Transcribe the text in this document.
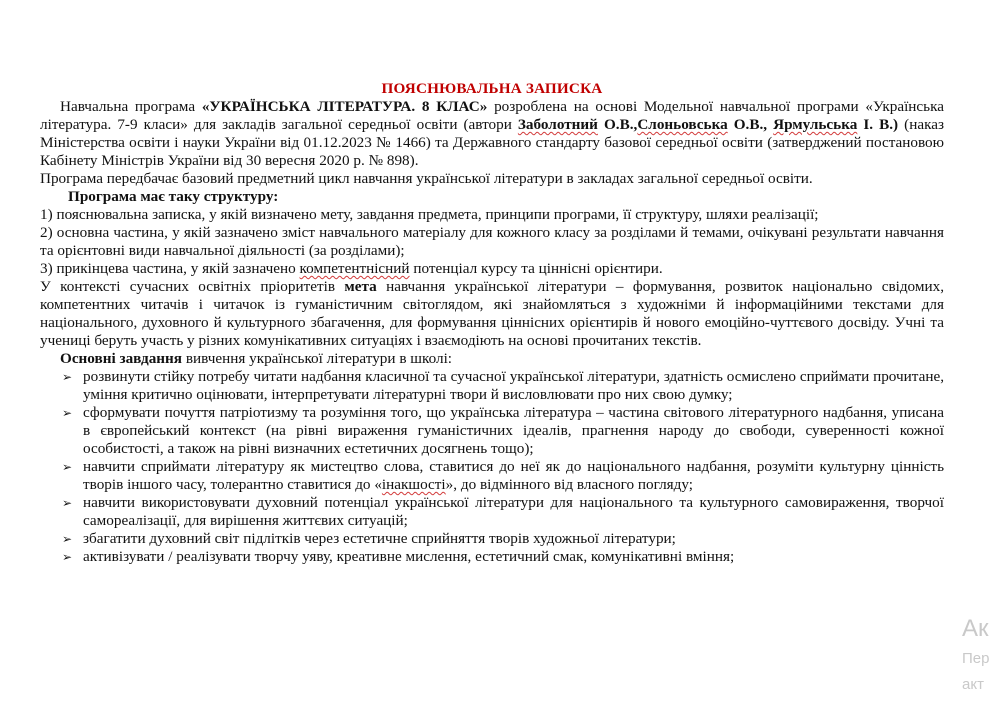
ПОЯСНЮВАЛЬНА ЗАПИСКА

Навчальна програма «УКРАЇНСЬКА ЛІТЕРАТУРА. 8 КЛАС» розроблена на основі Модельної навчальної програми «Українська література. 7-9 класи» для закладів загальної середньої освіти (автори Заболотний О.В.,Слоньовська О.В., Ярмульська І. В.) (наказ Міністерства освіти і науки України від 01.12.2023 № 1466) та Державного стандарту базової середньої освіти (затверджений постановою Кабінету Міністрів України від 30 вересня 2020 р. № 898).

Програма передбачає базовий предметний цикл навчання української літератури в закладах загальної середньої освіти.

Програма має таку структуру:

1) пояснювальна записка, у якій визначено мету, завдання предмета, принципи програми, її структуру, шляхи реалізації;

2) основна частина, у якій зазначено зміст навчального матеріалу для кожного класу за розділами й темами, очікувані результати навчання та орієнтовні види навчальної діяльності (за розділами);

3) прикінцева частина, у якій зазначено компетентнісний потенціал курсу та ціннісні орієнтири.

У контексті сучасних освітніх пріоритетів мета навчання української літератури – формування, розвиток національно свідомих, компетентних читачів і читачок із гуманістичним світоглядом, які знайомляться з художніми й інформаційними текстами для національного, духовного й культурного збагачення, для формування ціннісних орієнтирів й нового емоційно-чуттєвого досвіду. Учні та учениці беруть участь у різних комунікативних ситуаціях і взаємодіють на основі прочитаних текстів.

Основні завдання вивчення української літератури в школі:

➢ розвинути стійку потребу читати надбання класичної та сучасної української літератури, здатність осмислено сприймати прочитане, уміння критично оцінювати, інтерпретувати літературні твори й висловлювати про них свою думку;
➢ сформувати почуття патріотизму та розуміння того, що українська література – частина світового літературного надбання, уписана в європейський контекст (на рівні вираження гуманістичних ідеалів, прагнення народу до свободи, суверенності кожної особистості, а також на рівні визначних естетичних досягнень тощо);
➢ навчити сприймати літературу як мистецтво слова, ставитися до неї як до національного надбання, розуміти культурну цінність творів іншого часу, толерантно ставитися до «інакшості», до відмінного від власного погляду;
➢ навчити використовувати духовний потенціал української літератури для національного та культурного самовираження, творчої самореалізації, для вирішення життєвих ситуацій;
➢ збагатити духовний світ підлітків через естетичне сприйняття творів художньої літератури;
➢ активізувати / реалізувати творчу уяву, креативне мислення, естетичний смак, комунікативні вміння;
Ак
Пер
акт
